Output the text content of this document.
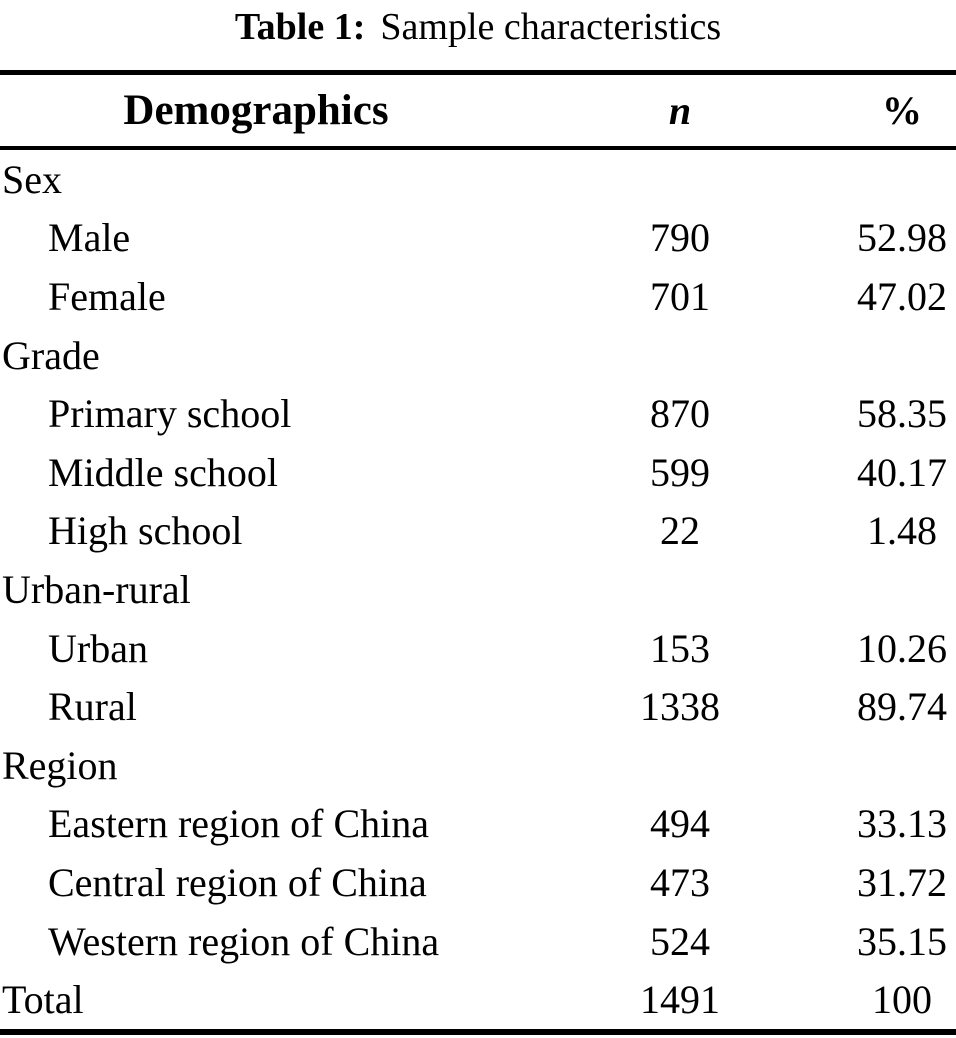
Table 1: Sample characteristics
Demographics	n	%
Sex		
Male	790	52.98
Female	701	47.02
Grade		
Primary school	870	58.35
Middle school	599	40.17
High school	22	1.48
Urban-rural		
Urban	153	10.26
Rural	1338	89.74
Region		
Eastern region of China	494	33.13
Central region of China	473	31.72
Western region of China	524	35.15
Total	1491	100
